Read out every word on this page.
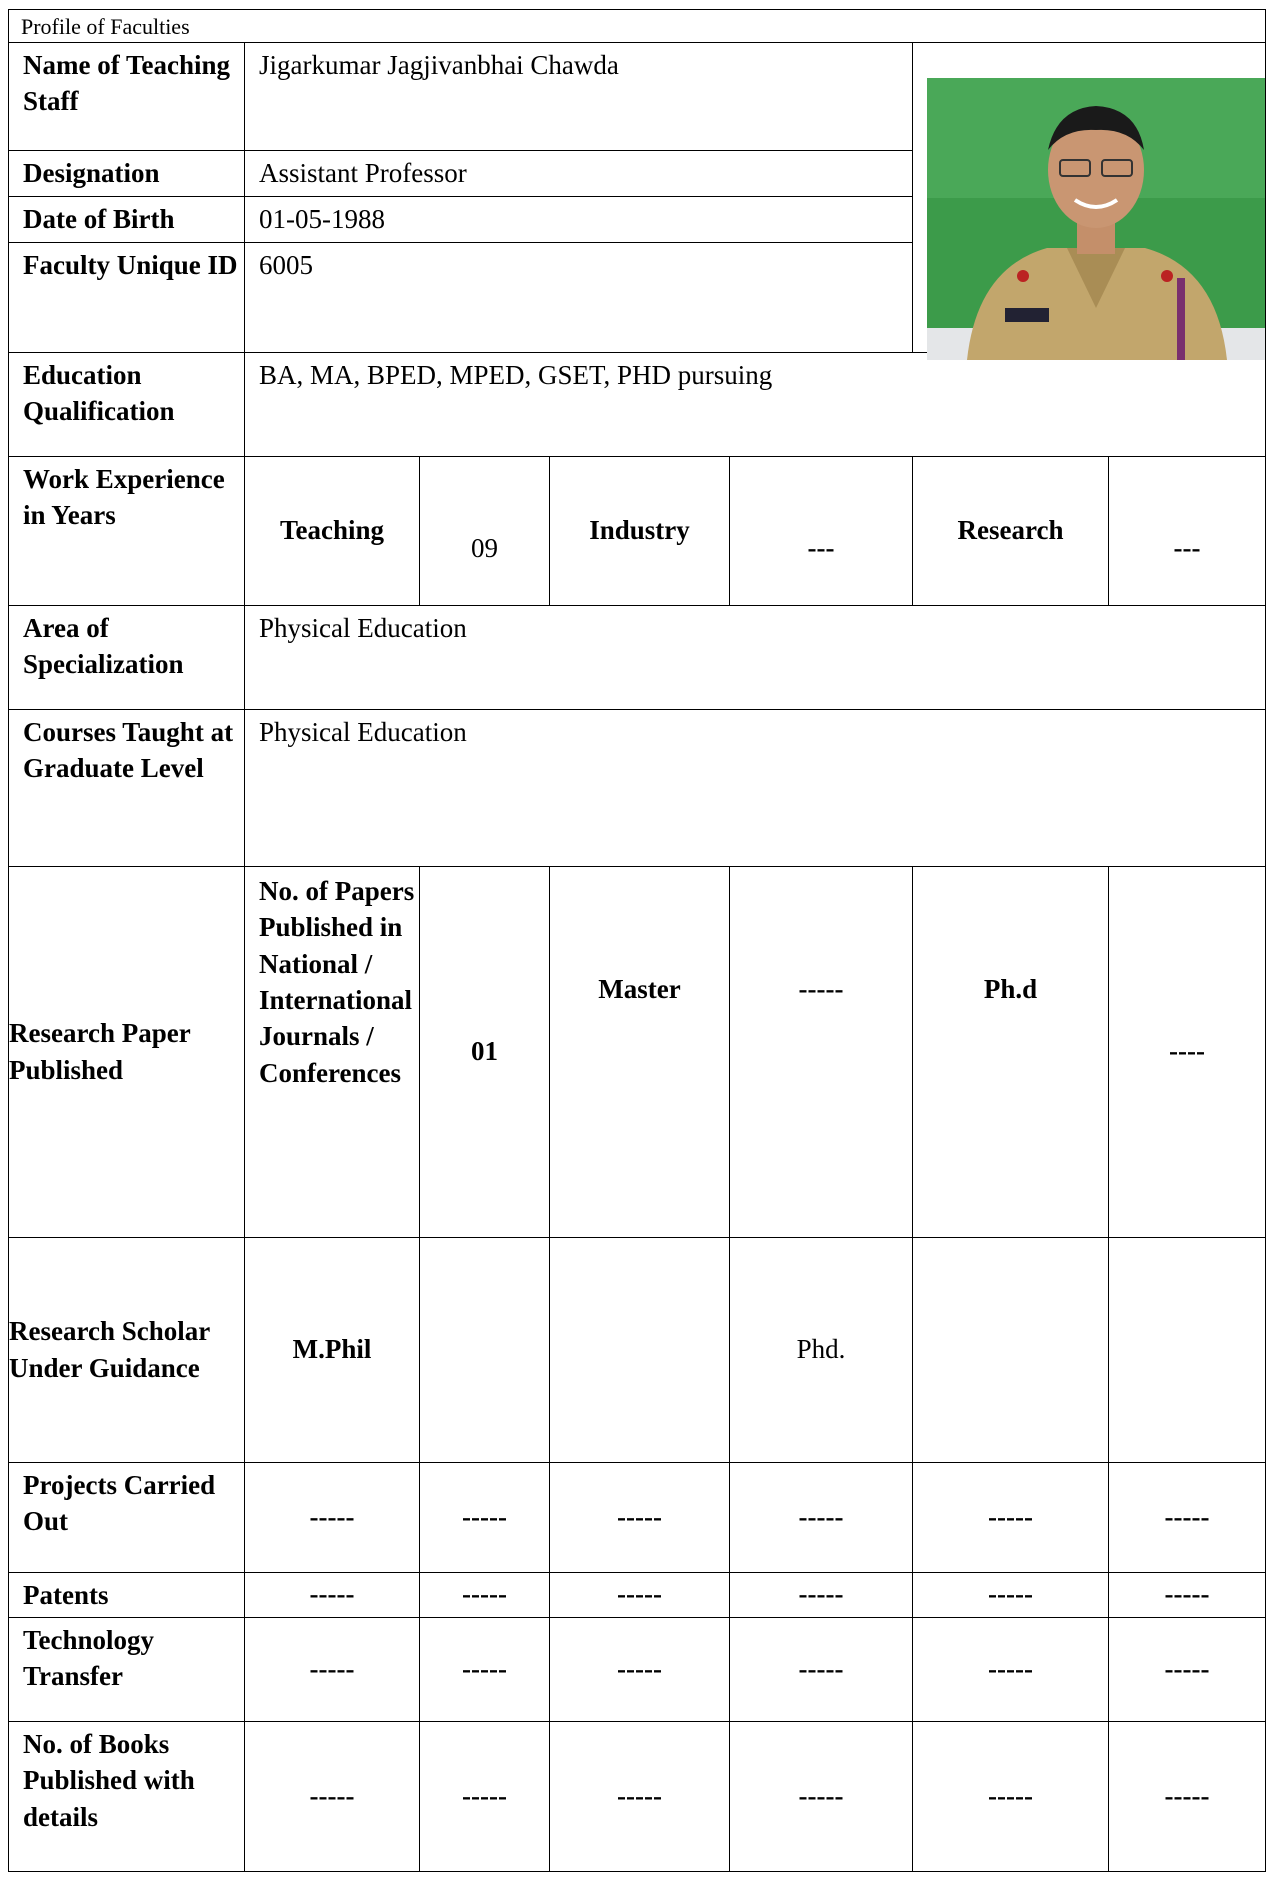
Profile of Faculties						
Name of Teaching Staff	Jigarkumar Jagjivanbhai Chawda	

Designation	Assistant Professor					
Date of Birth	01-05-1988					
Faculty Unique ID	6005					
Education Qualification	BA, MA, BPED, MPED, GSET, PHD pursuing					
Work Experience in Years	Teaching	09	Industry	---	Research	---
Area of Specialization	Physical Education					
Courses Taught at Graduate Level	Physical Education					
Research Paper Published	No. of Papers Published in National / International Journals / Conferences	01	Master	-----	Ph.d	----
Research Scholar Under Guidance	M.Phil			Phd.		
Projects Carried Out	-----	-----	-----	-----	-----	-----
Patents	-----	-----	-----	-----	-----	-----
Technology Transfer	-----	-----	-----	-----	-----	-----
No. of Books Published with details	-----	-----	-----	-----	-----	-----
